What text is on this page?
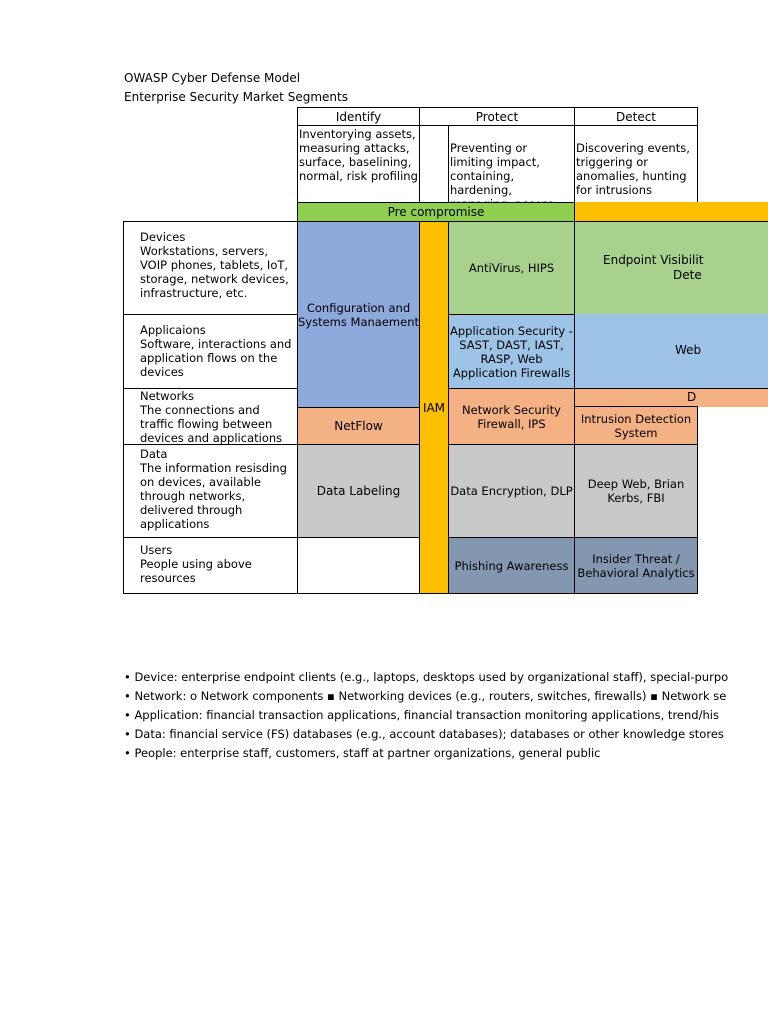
OWASP Cyber Defense Model
Enterprise Security Market Segments
Identify	Protect	Detect
Inventorying assets, measuring attacks, surface, baselining, normal, risk profiling
Preventing or limiting impact, containing, hardening,
Discovering events, triggering or anomalies, hunting for intrusions
Pre compromise
Devices
Workstations, servers, VOIP phones, tablets, IoT, storage, network devices, infrastructure, etc.
Applicaions
Software, interactions and application flows on the devices
Networks
The connections and traffic flowing between devices and applications
Data
The information resisding on devices, available through networks, delivered through applications
Users
People using above resources
Configuration and Systems Manaement
NetFlow
Data Labeling
IAM
AntiVirus, HIPS
Application Security - SAST, DAST, IAST, RASP, Web Application Firewalls
Network Security Firewall, IPS
Data Encryption, DLP
Phishing Awareness
Endpoint Visibilit
Dete
Web
D
Intrusion Detection System
Deep Web, Brian Kerbs, FBI
Insider Threat / Behavioral Analytics
• Device: enterprise endpoint clients (e.g., laptops, desktops used by organizational staff), special-purpo
• Network: o Network components ▪ Networking devices (e.g., routers, switches, firewalls) ▪ Network se
• Application: financial transaction applications, financial transaction monitoring applications, trend/his
• Data: financial service (FS) databases (e.g., account databases); databases or other knowledge stores
• People: enterprise staff, customers, staff at partner organizations, general public
